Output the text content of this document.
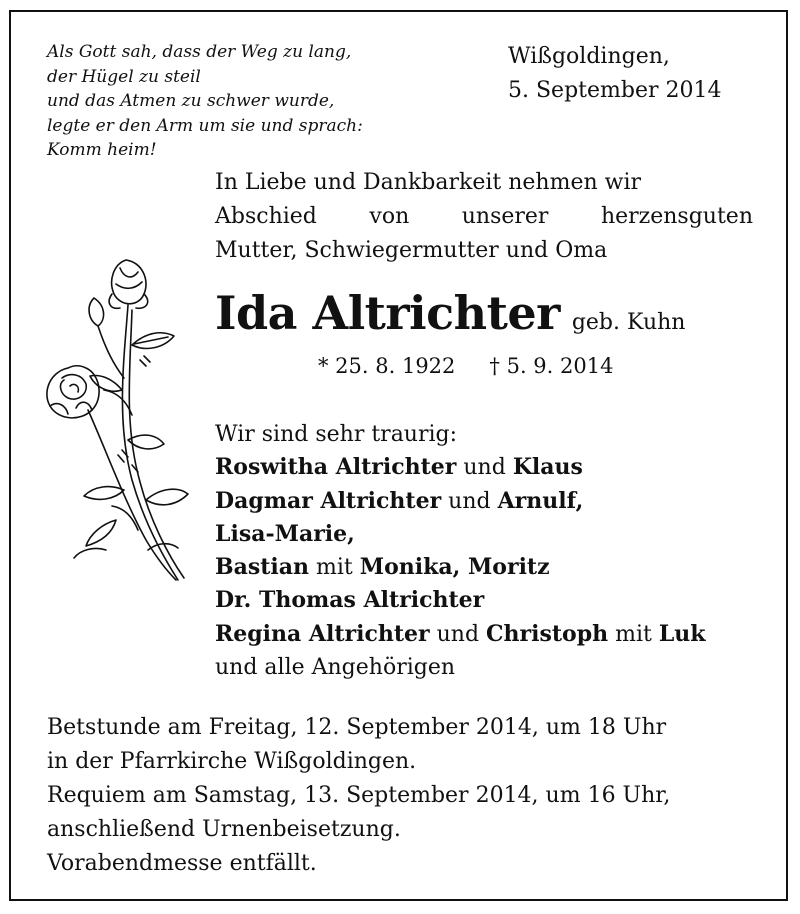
Als Gott sah, dass der Weg zu lang,
der Hügel zu steil
und das Atmen zu schwer wurde,
legte er den Arm um sie und sprach:
Komm heim!
Wißgoldingen,
5. September 2014
In Liebe und Dankbarkeit nehmen wir
Abschied von unserer herzensguten
Mutter, Schwiegermutter und Oma
Ida Altrichter geb. Kuhn
* 25. 8. 1922 † 5. 9. 2014
Wir sind sehr traurig:
Roswitha Altrichter und Klaus
Dagmar Altrichter und Arnulf,
Lisa-Marie,
Bastian mit Monika, Moritz
Dr. Thomas Altrichter
Regina Altrichter und Christoph mit Luk
und alle Angehörigen
Betstunde am Freitag, 12. September 2014, um 18 Uhr
in der Pfarrkirche Wißgoldingen.
Requiem am Samstag, 13. September 2014, um 16 Uhr,
anschließend Urnenbeisetzung.
Vorabendmesse entfällt.
